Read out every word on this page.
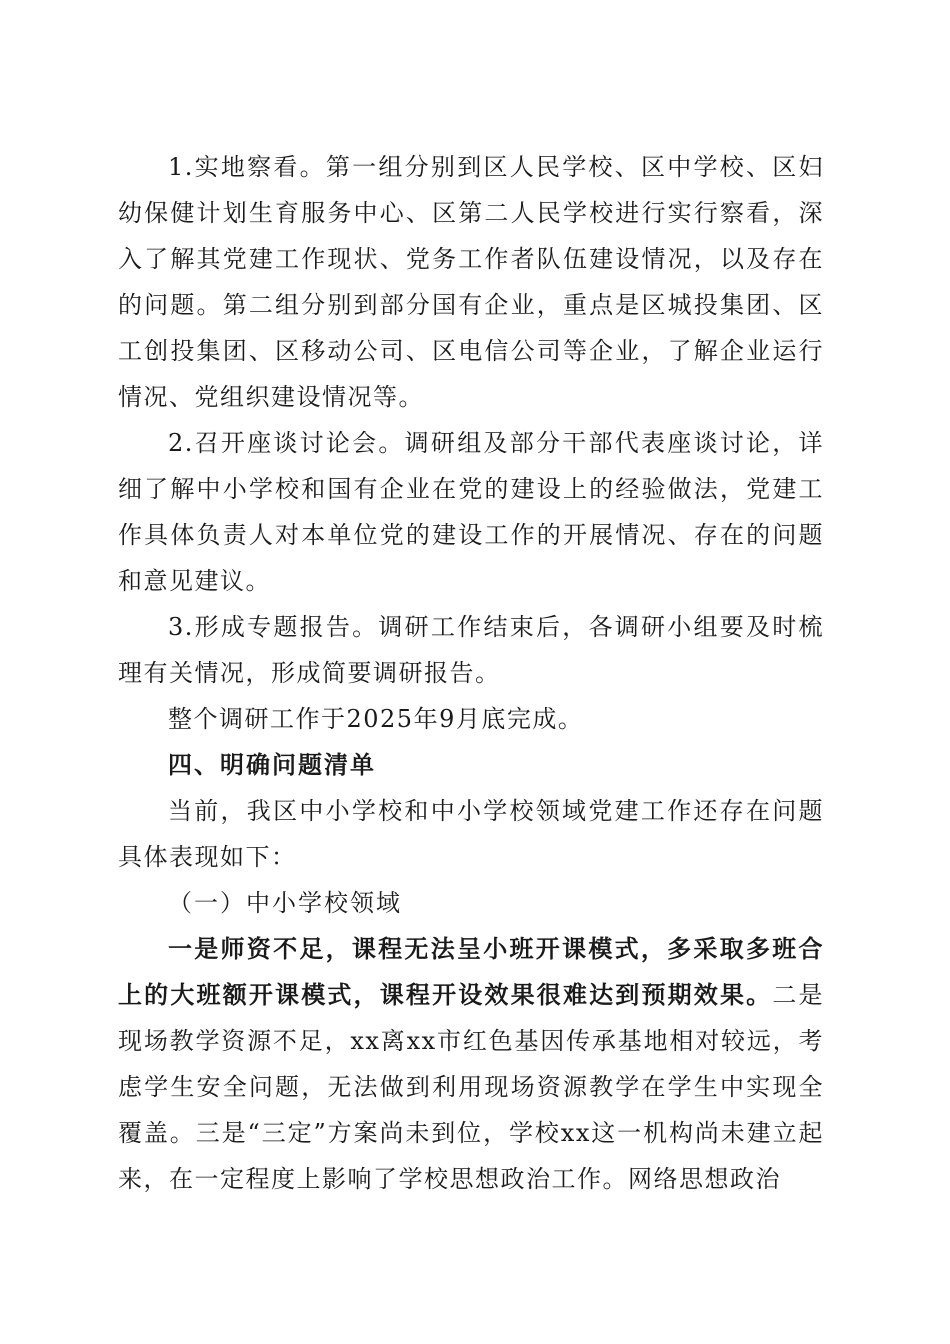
1.实地察看。第一组分别到区人民学校、区中学校、区妇幼保健计划生育服务中心、区第二人民学校进行实行察看，深入了解其党建工作现状、党务工作者队伍建设情况，以及存在的问题。第二组分别到部分国有企业，重点是区城投集团、区工创投集团、区移动公司、区电信公司等企业，了解企业运行情况、党组织建设情况等。

2.召开座谈讨论会。调研组及部分干部代表座谈讨论，详细了解中小学校和国有企业在党的建设上的经验做法，党建工作具体负责人对本单位党的建设工作的开展情况、存在的问题和意见建议。

3.形成专题报告。调研工作结束后，各调研小组要及时梳理有关情况，形成简要调研报告。

整个调研工作于2025年9月底完成。

四、明确问题清单

当前，我区中小学校和中小学校领域党建工作还存在问题具体表现如下：

（一）中小学校领域

一是师资不足，课程无法呈小班开课模式，多采取多班合上的大班额开课模式，课程开设效果很难达到预期效果。二是现场教学资源不足，xx离xx市红色基因传承基地相对较远，考虑学生安全问题，无法做到利用现场资源教学在学生中实现全覆盖。三是“三定”方案尚未到位，学校xx这一机构尚未建立起来，在一定程度上影响了学校思想政治工作。网络思想政治
